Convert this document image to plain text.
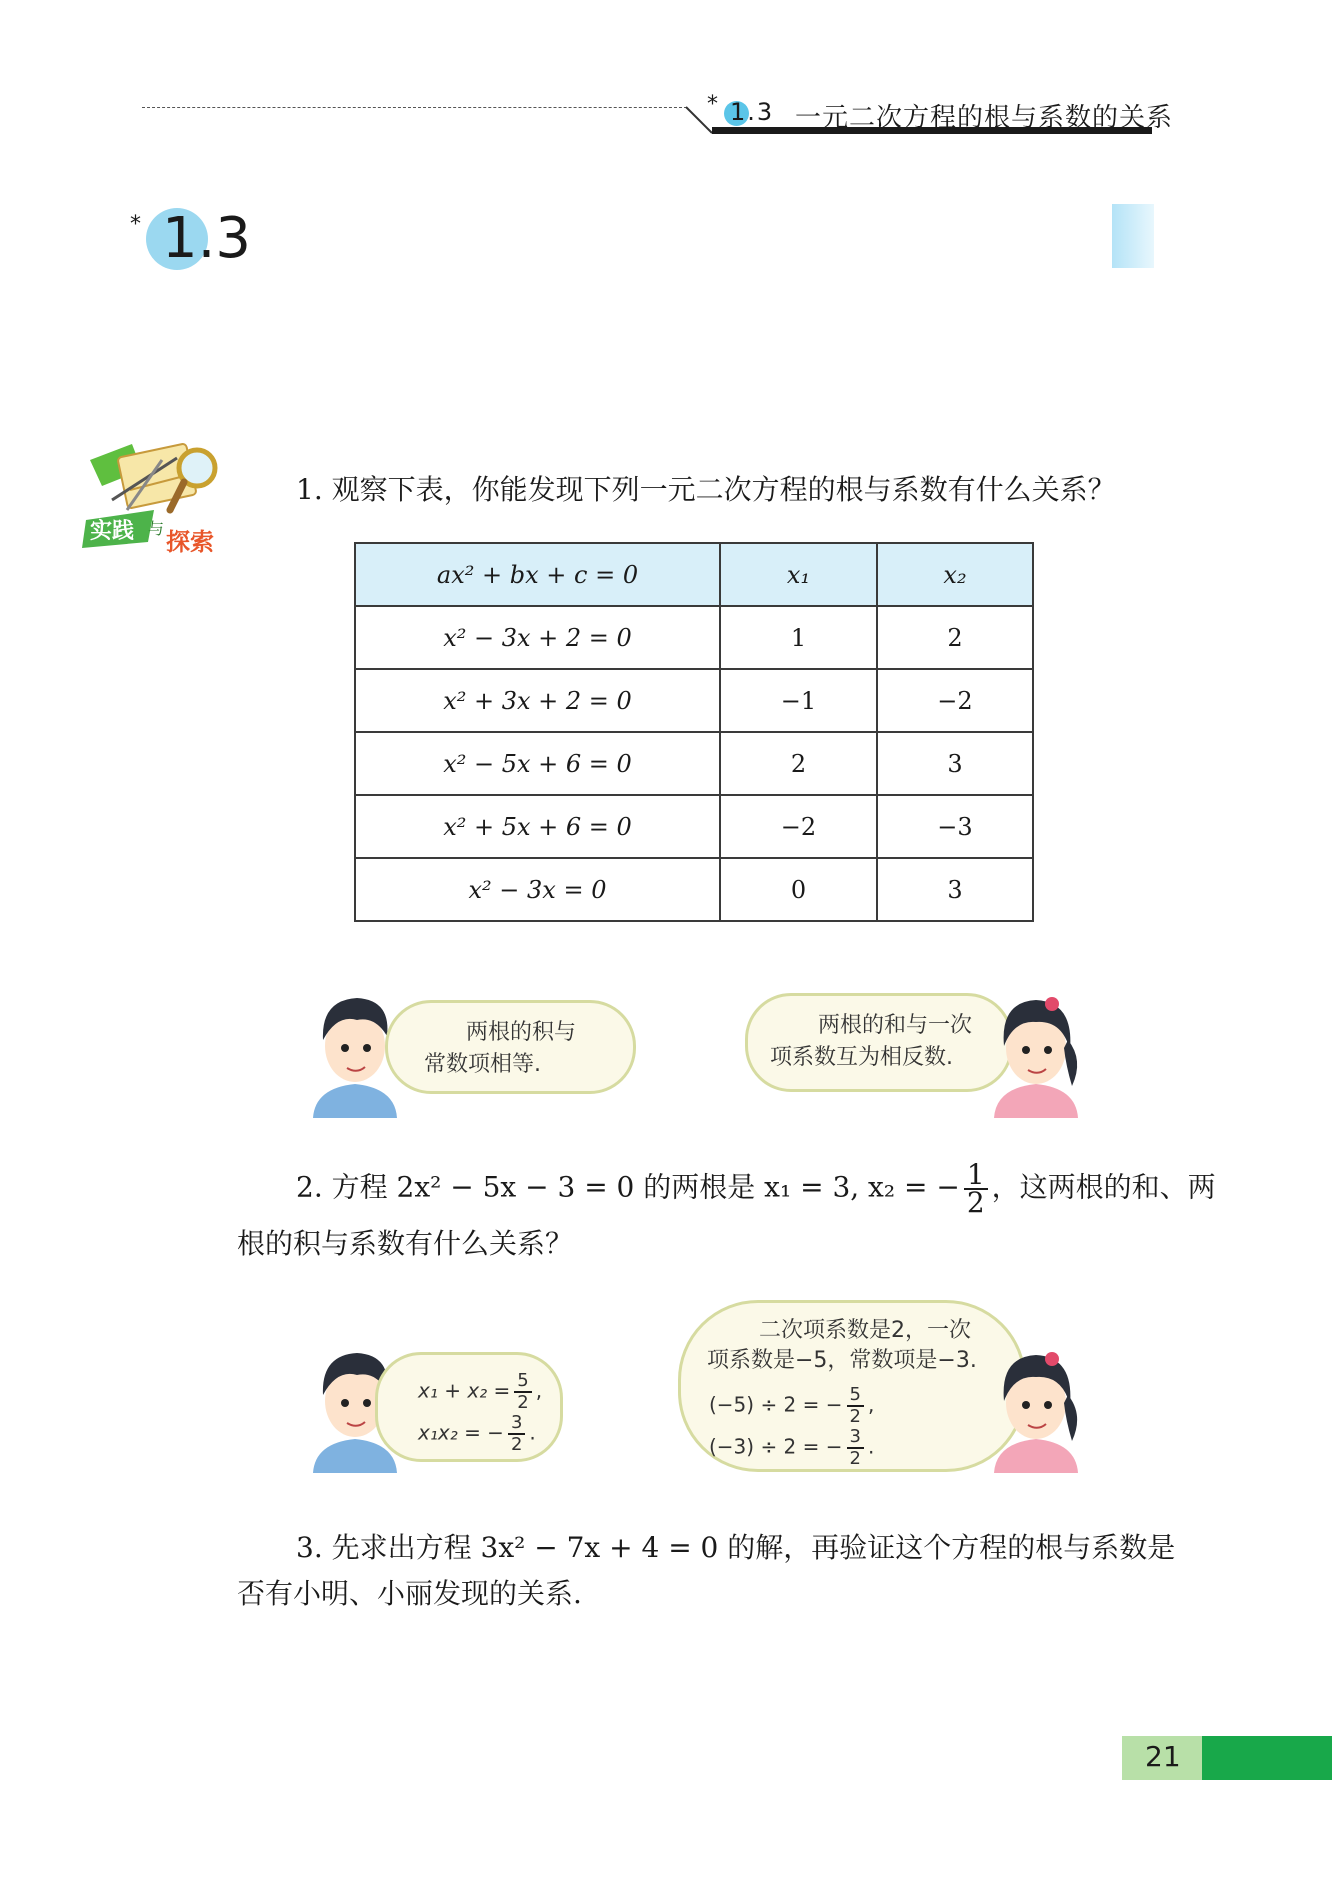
* 1.3 一元二次方程的根与系数的关系
* 1.3
实践 与 探索
1. 观察下表，你能发现下列一元二次方程的根与系数有什么关系？
ax² + bx + c = 0	x₁	x₂
x² − 3x + 2 = 0	1	2
x² + 3x + 2 = 0	−1	−2
x² − 5x + 6 = 0	2	3
x² + 5x + 6 = 0	−2	−3
x² − 3x = 0	0	3
两根的积与
常数项相等.
两根的和与一次
项系数互为相反数.
2. 方程 2x² − 5x − 3 = 0 的两根是 x₁ = 3, x₂ = − $\frac{1}{2}$ ，这两根的和、两
根的积与系数有什么关系？
$x_1 + x_2 = \frac{5}{2}$ ,
x₁x₂ = − $\frac{3}{2}$ .
二次项系数是2，一次
项系数是−5，常数项是−3.
(−5) ÷ 2 = − $\frac{5}{2}$ ,
(−3) ÷ 2 = − $\frac{3}{2}$ .
3. 先求出方程 3x² − 7x + 4 = 0 的解，再验证这个方程的根与系数是
否有小明、小丽发现的关系.
21
